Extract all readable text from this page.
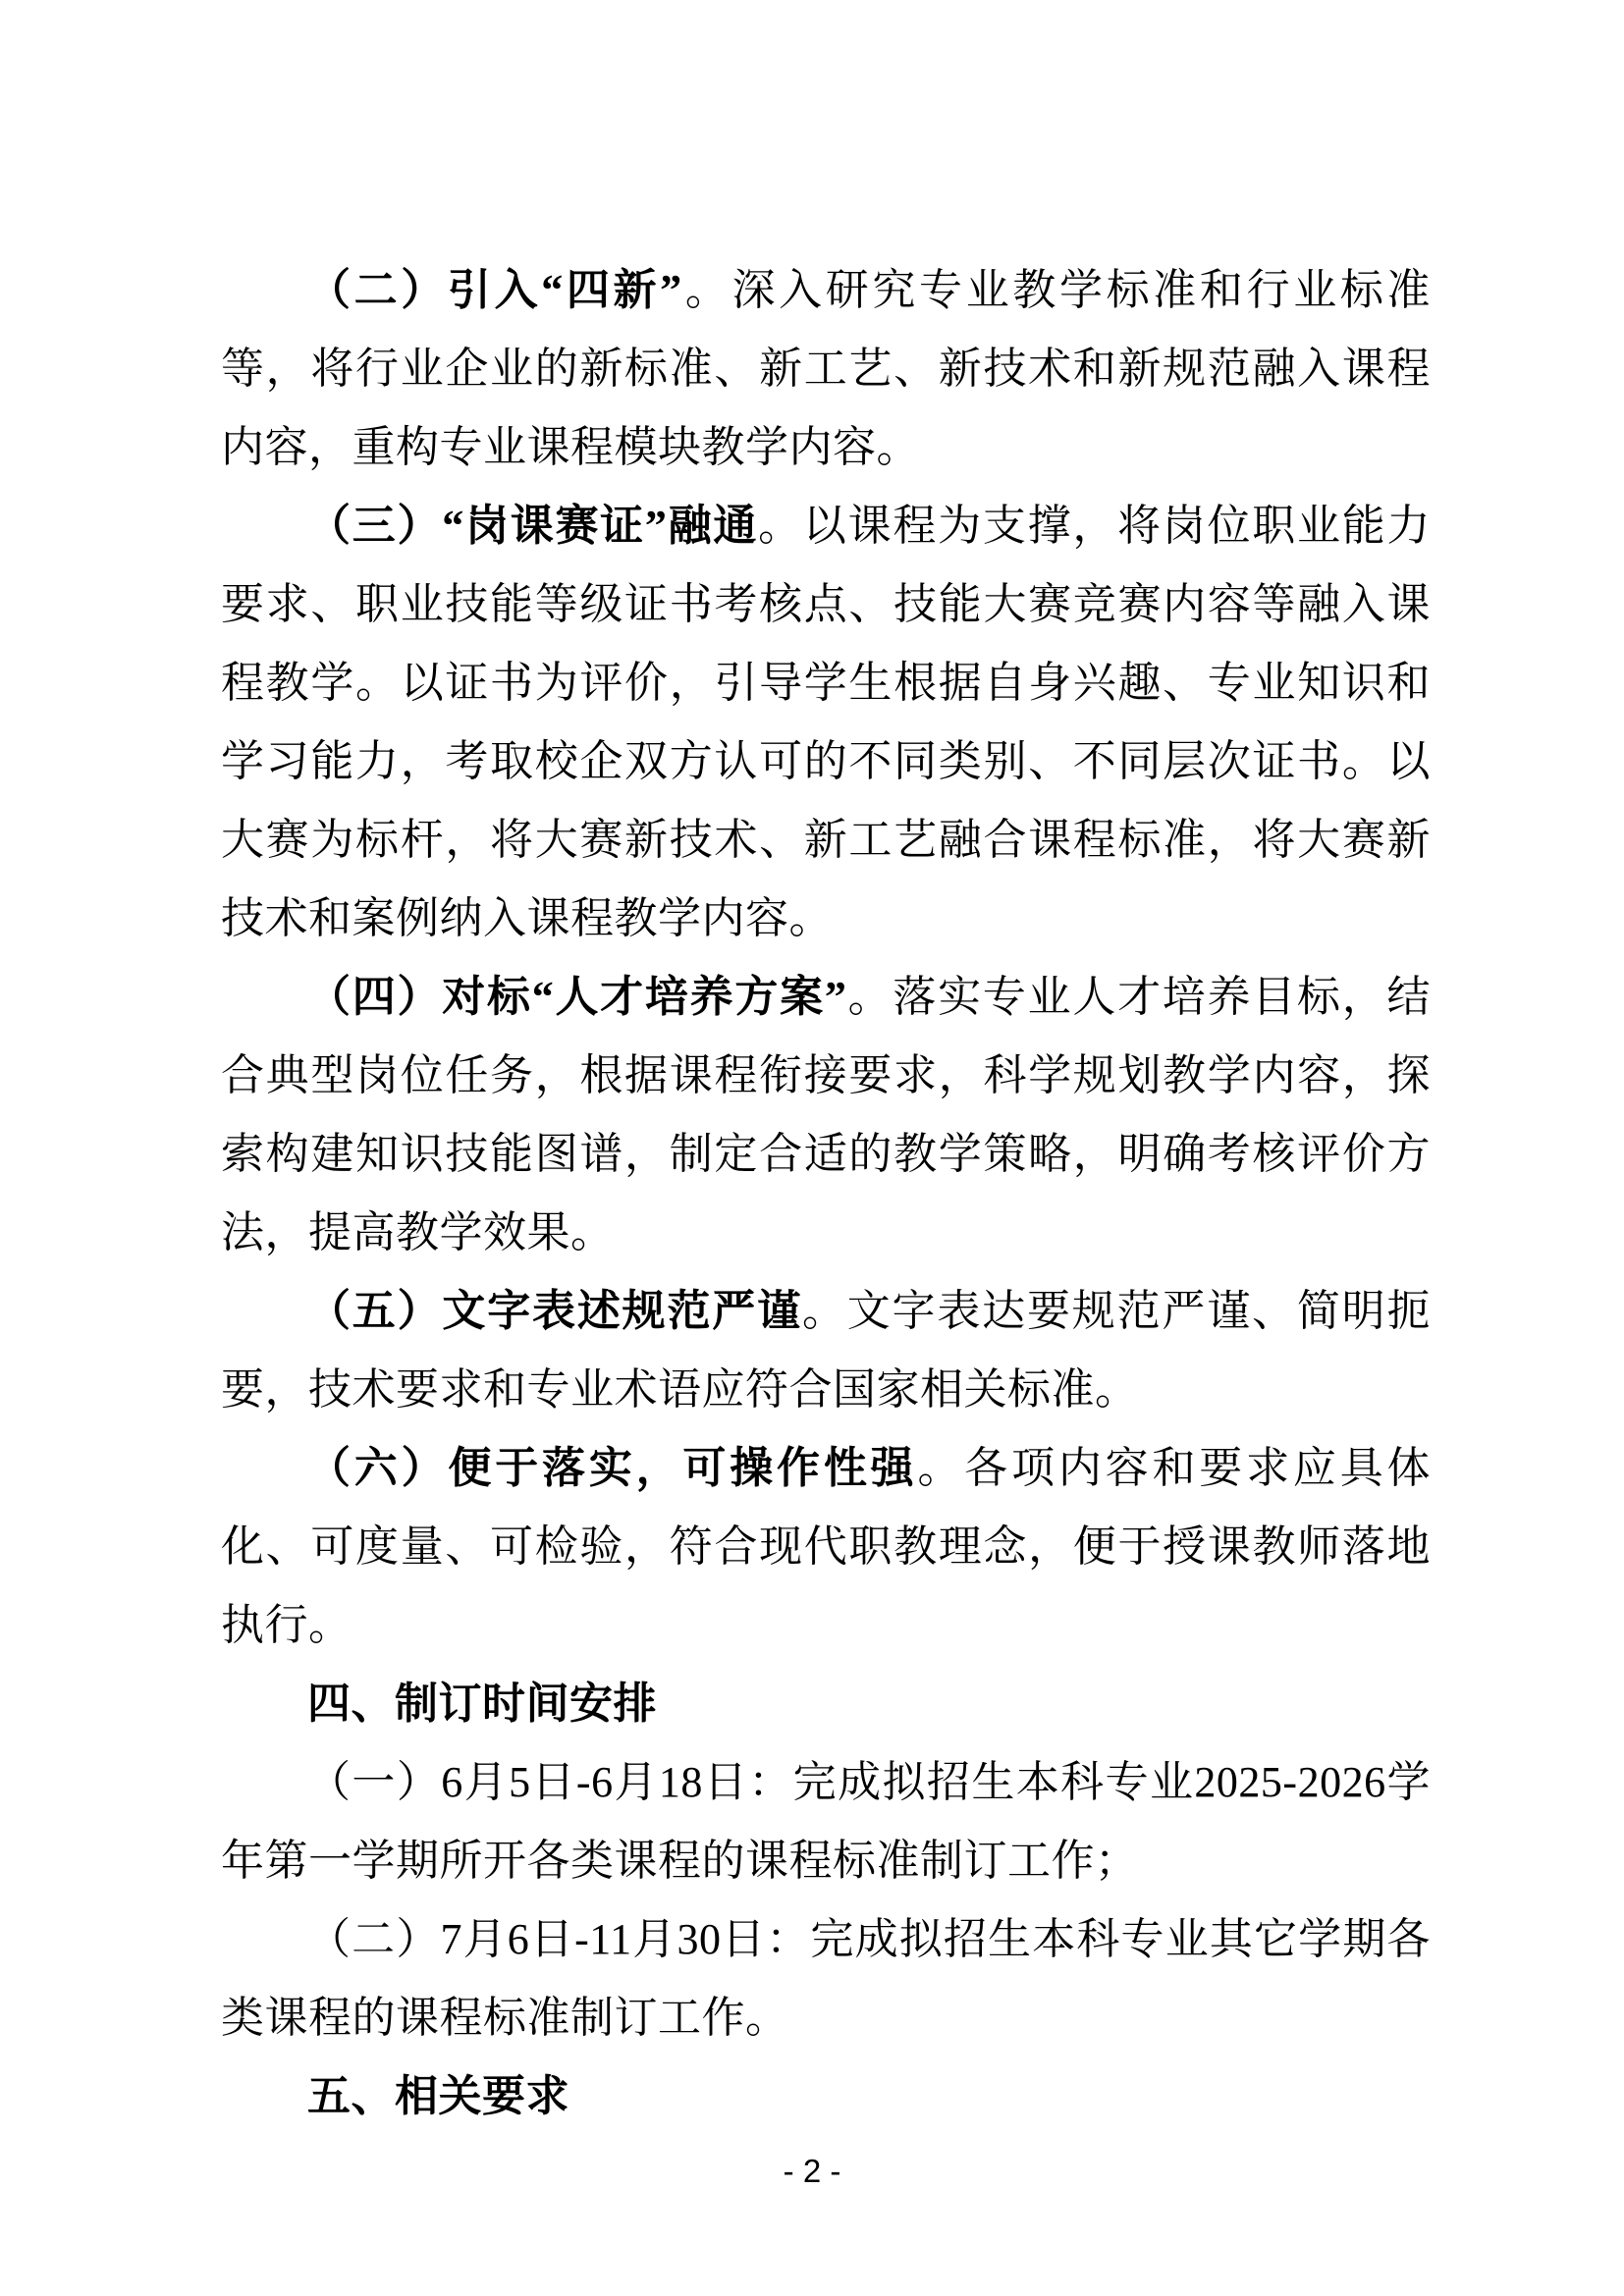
（二）引入“四新”。深入研究专业教学标准和行业标准等，将行业企业的新标准、新工艺、新技术和新规范融入课程内容，重构专业课程模块教学内容。

（三）“岗课赛证”融通。以课程为支撑，将岗位职业能力要求、职业技能等级证书考核点、技能大赛竞赛内容等融入课程教学。以证书为评价，引导学生根据自身兴趣、专业知识和学习能力，考取校企双方认可的不同类别、不同层次证书。以大赛为标杆，将大赛新技术、新工艺融合课程标准，将大赛新技术和案例纳入课程教学内容。

（四）对标“人才培养方案”。落实专业人才培养目标，结合典型岗位任务，根据课程衔接要求，科学规划教学内容，探索构建知识技能图谱，制定合适的教学策略，明确考核评价方法，提高教学效果。

（五）文字表述规范严谨。文字表达要规范严谨、简明扼要，技术要求和专业术语应符合国家相关标准。

（六）便于落实，可操作性强。各项内容和要求应具体化、可度量、可检验，符合现代职教理念，便于授课教师落地执行。

四、制订时间安排

（一）6月5日-6月18日：完成拟招生本科专业2025-2026学年第一学期所开各类课程的课程标准制订工作；

（二）7月6日-11月30日：完成拟招生本科专业其它学期各类课程的课程标准制订工作。

五、相关要求
- 2 -
